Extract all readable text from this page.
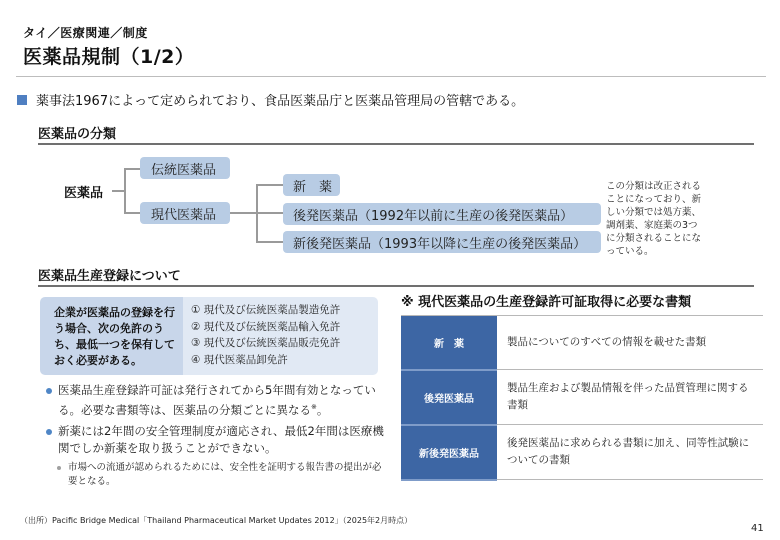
タイ／医療関連／制度
医薬品規制（1/2）
薬事法1967によって定められており、食品医薬品庁と医薬品管理局の管轄である。
医薬品の分類
医薬品
伝統医薬品
現代医薬品
新　薬
後発医薬品（1992年以前に生産の後発医薬品）
新後発医薬品（1993年以降に生産の後発医薬品）
この分類は改正されることになっており、新しい分類では処方薬、調剤薬、家庭薬の3つに分類されることになっている。
医薬品生産登録について
企業が医薬品の登録を行う場合、次の免許のうち、最低一つを保有しておく必要がある。
① 現代及び伝統医薬品製造免許
② 現代及び伝統医薬品輸入免許
③ 現代及び伝統医薬品販売免許
④ 現代医薬品卸免許
医薬品生産登録許可証は発行されてから5年間有効となっている。必要な書類等は、医薬品の分類ごとに異なる※。
新薬には2年間の安全管理制度が適応され、最低2年間は医療機関でしか新薬を取り扱うことができない。
市場への流通が認められるためには、安全性を証明する報告書の提出が必要となる。
※ 現代医薬品の生産登録許可証取得に必要な書類
新　薬	製品についてのすべての情報を載せた書類
後発医薬品	製品生産および製品情報を伴った品質管理に関する書類
新後発医薬品	後発医薬品に求められる書類に加え、同等性試験についての書類
（出所）Pacific Bridge Medical「Thailand Pharmaceutical Market Updates 2012」（2025年2月時点）
41
